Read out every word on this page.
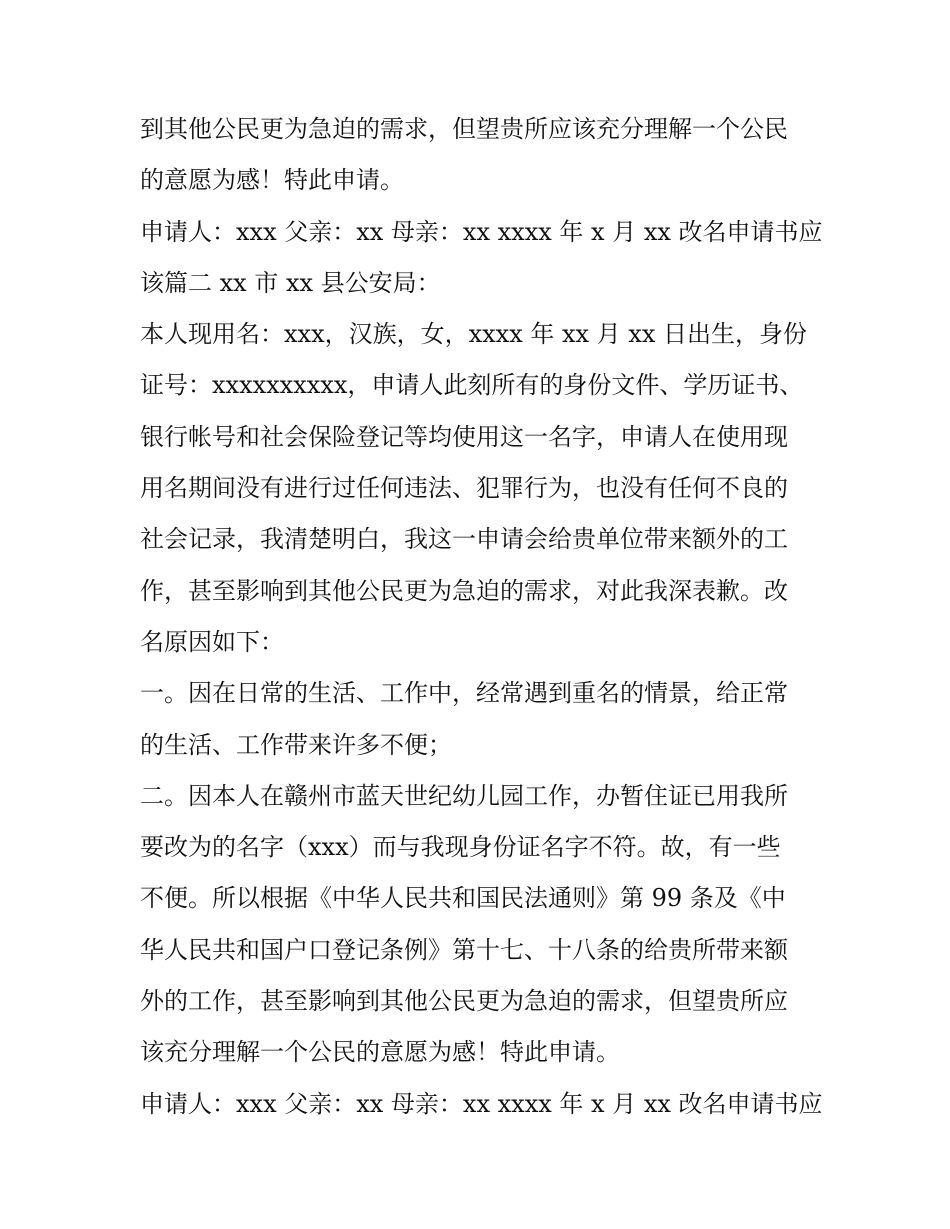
到其他公民更为急迫的需求，但望贵所应该充分理解一个公民
的意愿为感！特此申请。
申请人：xxx 父亲：xx 母亲：xx xxxx 年 x 月 xx 改名申请书应
该篇二 xx 市 xx 县公安局：
本人现用名：xxx，汉族，女，xxxx 年 xx 月 xx 日出生，身份
证号：xxxxxxxxxx，申请人此刻所有的身份文件、学历证书、
银行帐号和社会保险登记等均使用这一名字，申请人在使用现
用名期间没有进行过任何违法、犯罪行为，也没有任何不良的
社会记录，我清楚明白，我这一申请会给贵单位带来额外的工
作，甚至影响到其他公民更为急迫的需求，对此我深表歉。改
名原因如下：
一。因在日常的生活、工作中，经常遇到重名的情景，给正常
的生活、工作带来许多不便；
二。因本人在赣州市蓝天世纪幼儿园工作，办暂住证已用我所
要改为的名字（xxx）而与我现身份证名字不符。故，有一些
不便。所以根据《中华人民共和国民法通则》第 99 条及《中
华人民共和国户口登记条例》第十七、十八条的给贵所带来额
外的工作，甚至影响到其他公民更为急迫的需求，但望贵所应
该充分理解一个公民的意愿为感！特此申请。
申请人：xxx 父亲：xx 母亲：xx xxxx 年 x 月 xx 改名申请书应
